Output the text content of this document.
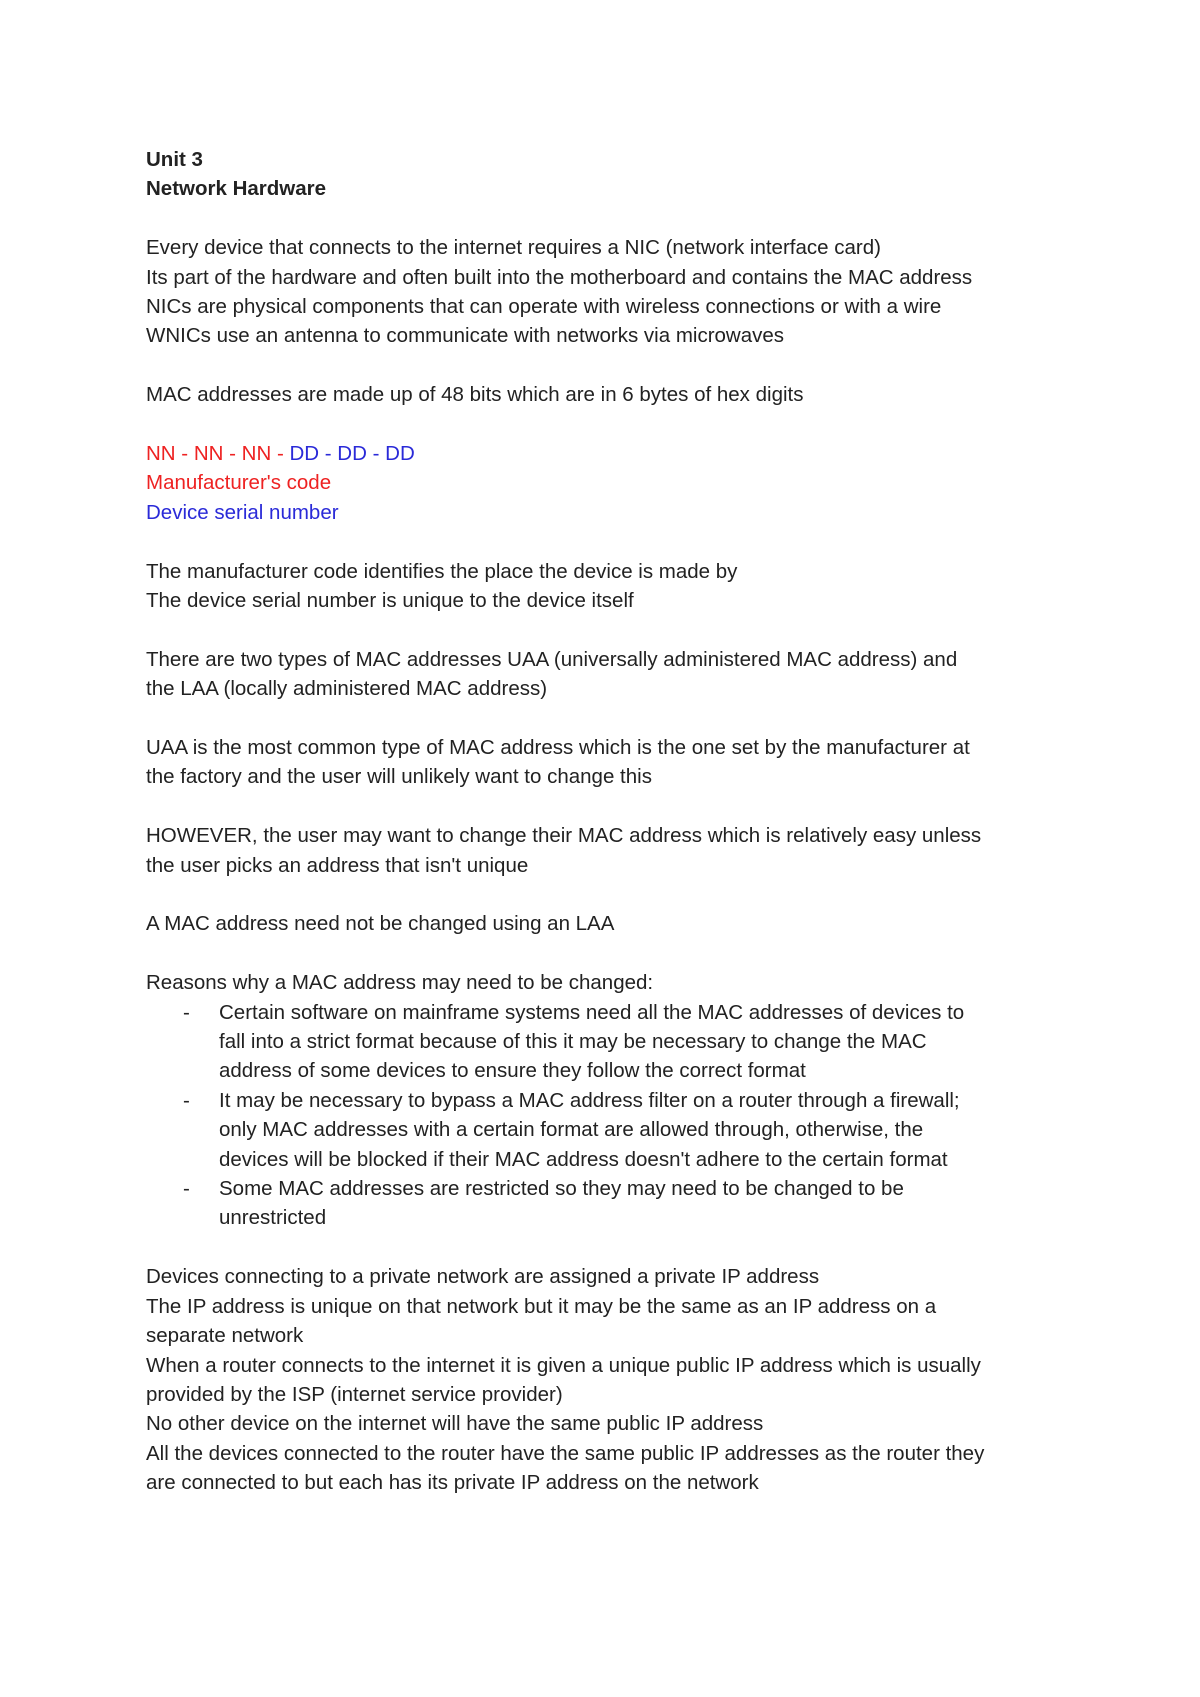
Unit 3
Network Hardware
Every device that connects to the internet requires a NIC (network interface card)
Its part of the hardware and often built into the motherboard and contains the MAC address
NICs are physical components that can operate with wireless connections or with a wire
WNICs use an antenna to communicate with networks via microwaves
MAC addresses are made up of 48 bits which are in 6 bytes of hex digits
NN - NN - NN - DD - DD - DD
Manufacturer's code
Device serial number
The manufacturer code identifies the place the device is made by
The device serial number is unique to the device itself
There are two types of MAC addresses UAA (universally administered MAC address) and
the LAA (locally administered MAC address)
UAA is the most common type of MAC address which is the one set by the manufacturer at
the factory and the user will unlikely want to change this
HOWEVER, the user may want to change their MAC address which is relatively easy unless
the user picks an address that isn't unique
A MAC address need not be changed using an LAA
Reasons why a MAC address may need to be changed:
- Certain software on mainframe systems need all the MAC addresses of devices to
fall into a strict format because of this it may be necessary to change the MAC
address of some devices to ensure they follow the correct format
- It may be necessary to bypass a MAC address filter on a router through a firewall;
only MAC addresses with a certain format are allowed through, otherwise, the
devices will be blocked if their MAC address doesn't adhere to the certain format
- Some MAC addresses are restricted so they may need to be changed to be
unrestricted
Devices connecting to a private network are assigned a private IP address
The IP address is unique on that network but it may be the same as an IP address on a
separate network
When a router connects to the internet it is given a unique public IP address which is usually
provided by the ISP (internet service provider)
No other device on the internet will have the same public IP address
All the devices connected to the router have the same public IP addresses as the router they
are connected to but each has its private IP address on the network
